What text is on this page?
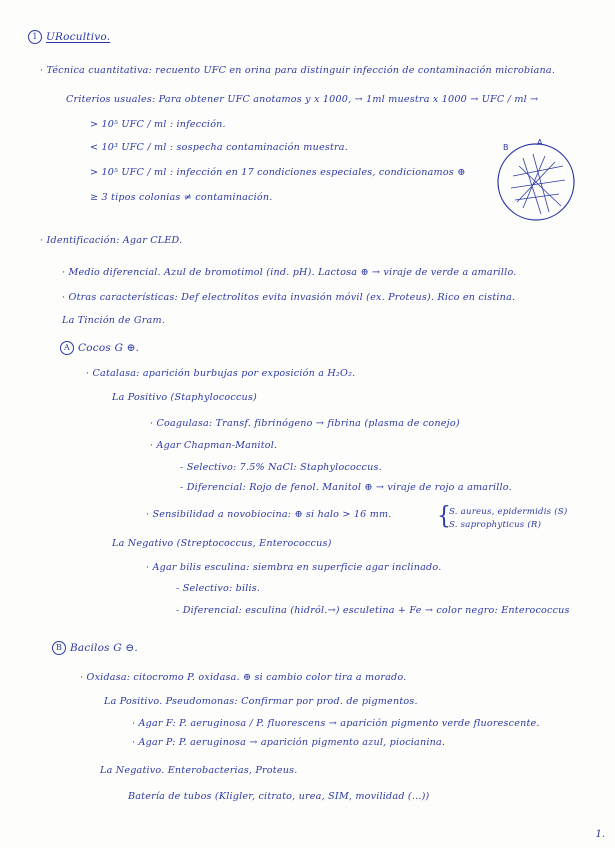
1 URocultivo.
· Técnica cuantitativa: recuento UFC en orina para distinguir infección de contaminación microbiana.
Criterios usuales: Para obtener UFC anotamos y x 1000, → 1ml muestra x 1000 → UFC / ml →
> 10⁵ UFC / ml : infección.
< 10³ UFC / ml : sospecha contaminación muestra.
> 10⁵ UFC / ml : infección en 17 condiciones especiales, condicionamos ⊕
≥ 3 tipos colonias ≠ contaminación.
B
A
· Identificación: Agar CLED.
· Medio diferencial. Azul de bromotimol (ind. pH). Lactosa ⊕ → viraje de verde a amarillo.
· Otras características: Def electrolitos evita invasión móvil (ex. Proteus). Rico en cistina.
La Tinción de Gram.
A Cocos G ⊕.
· Catalasa: aparición burbujas por exposición a H₂O₂.
La Positivo (Staphylococcus)
· Coagulasa: Transf. fibrinógeno → fibrina (plasma de conejo)
· Agar Chapman-Manitol.
- Selectivo: 7.5% NaCl: Staphylococcus.
- Diferencial: Rojo de fenol. Manitol ⊕ → viraje de rojo a amarillo.
· Sensibilidad a novobiocina: ⊕ si halo > 16 mm. {
S. aureus, epidermidis (S)
S. saprophyticus (R)
La Negativo (Streptococcus, Enterococcus)
· Agar bilis esculina: siembra en superficie agar inclinado.
- Selectivo: bilis.
- Diferencial: esculina (hidról.→) esculetina + Fe → color negro: Enterococcus
B Bacilos G ⊖.
· Oxidasa: citocromo P. oxidasa. ⊕ si cambio color tira a morado.
La Positivo. Pseudomonas: Confirmar por prod. de pigmentos.
· Agar F: P. aeruginosa / P. fluorescens → aparición pigmento verde fluorescente.
· Agar P: P. aeruginosa → aparición pigmento azul, piocianina.
La Negativo. Enterobacterias, Proteus.
Batería de tubos (Kligler, citrato, urea, SIM, movilidad (...))
1.
